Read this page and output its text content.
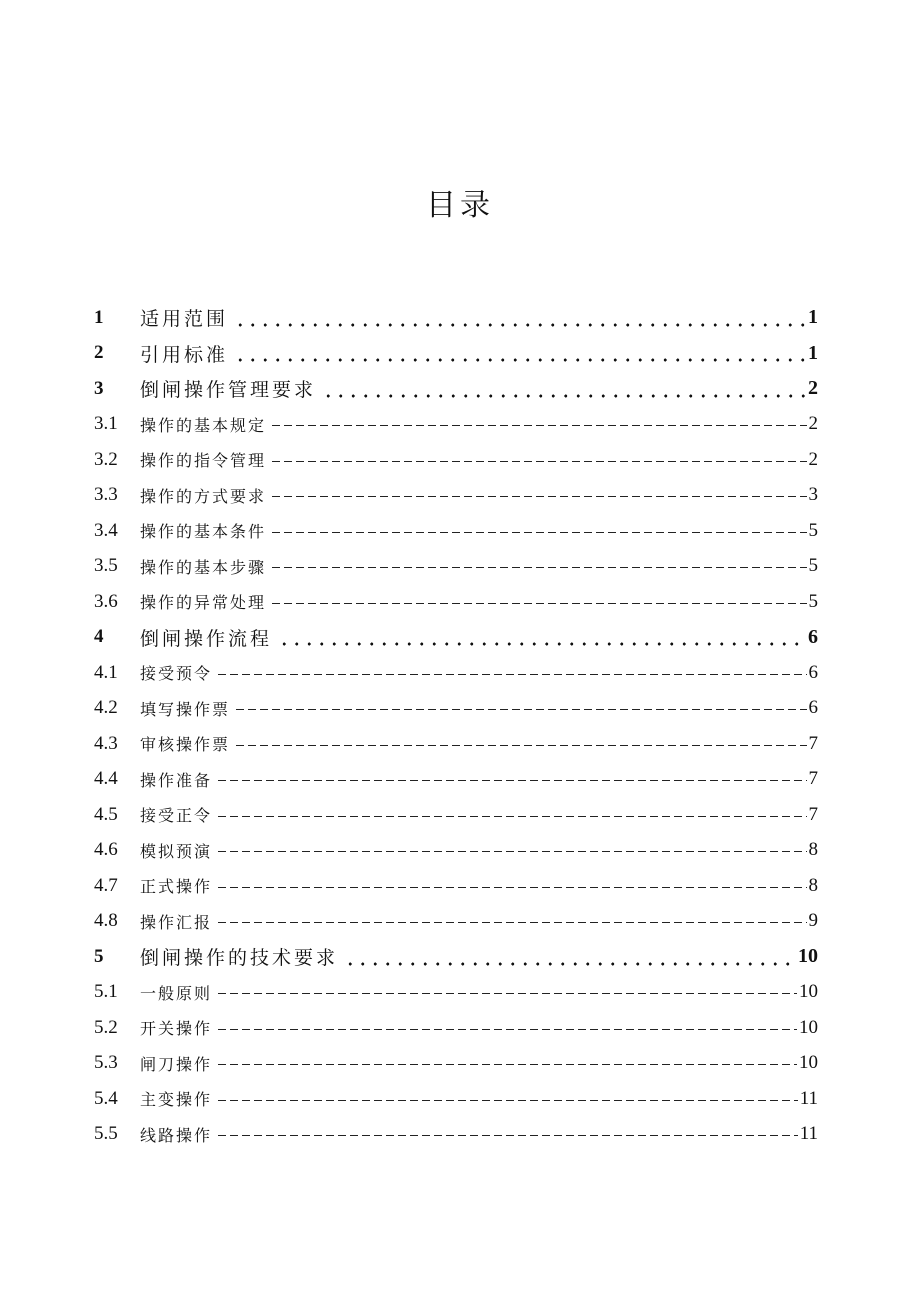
目录
1	适用范围	1
2	引用标准	1
3	倒闸操作管理要求	2
3.1	操作的基本规定	2
3.2	操作的指令管理	2
3.3	操作的方式要求	3
3.4	操作的基本条件	5
3.5	操作的基本步骤	5
3.6	操作的异常处理	5
4	倒闸操作流程	6
4.1	接受预令	6
4.2	填写操作票	6
4.3	审核操作票	7
4.4	操作准备	7
4.5	接受正令	7
4.6	模拟预演	8
4.7	正式操作	8
4.8	操作汇报	9
5	倒闸操作的技术要求	10
5.1	一般原则	10
5.2	开关操作	10
5.3	闸刀操作	10
5.4	主变操作	11
5.5	线路操作	11
